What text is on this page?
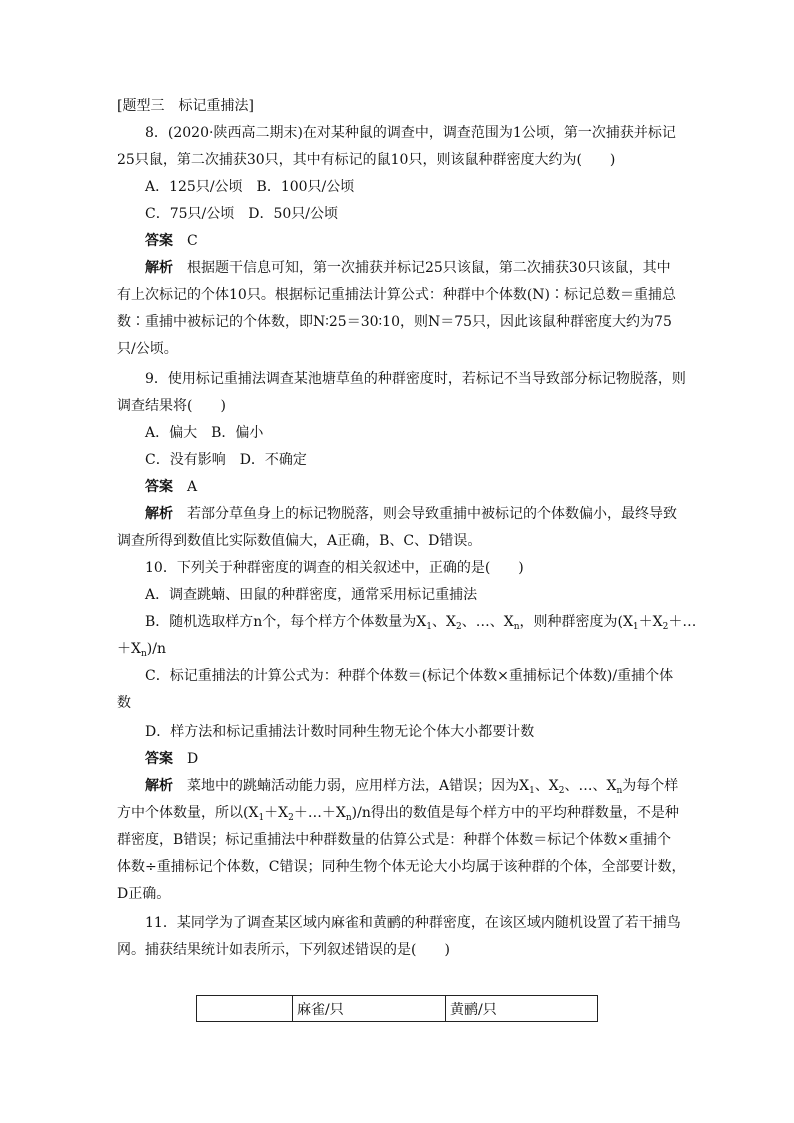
[题型三　标记重捕法]
8．(2020·陕西高二期末)在对某种鼠的调查中，调查范围为1公顷，第一次捕获并标记
25只鼠，第二次捕获30只，其中有标记的鼠10只，则该鼠种群密度大约为(　　)
A．125只/公顷　B．100只/公顷
C．75只/公顷　D．50只/公顷
答案　 C
解析　 根据题干信息可知，第一次捕获并标记25只该鼠，第二次捕获30只该鼠，其中
有上次标记的个体10只。根据标记重捕法计算公式：种群中个体数(N)∶标记总数＝重捕总
数∶重捕中被标记的个体数，即N∶25＝30∶10，则N＝75只，因此该鼠种群密度大约为75
只/公顷。
9．使用标记重捕法调查某池塘草鱼的种群密度时，若标记不当导致部分标记物脱落，则
调查结果将(　　)
A．偏大　B．偏小
C．没有影响　D．不确定
答案　 A
解析　 若部分草鱼身上的标记物脱落，则会导致重捕中被标记的个体数偏小，最终导致
调查所得到数值比实际数值偏大，A正确，B、C、D错误。
10．下列关于种群密度的调查的相关叙述中，正确的是(　　)
A．调查跳蝻、田鼠的种群密度，通常采用标记重捕法
B．随机选取样方n个，每个样方个体数量为$X_1$、$X_2$、…、$X_n$，则种群密度为($X_1+X_2+\dots$
$+X_n)/n$
C．标记重捕法的计算公式为：种群个体数＝(标记个体数×重捕标记个体数)/重捕个体
数
D．样方法和标记重捕法计数时同种生物无论个体大小都要计数
答案　 D
解析　 菜地中的跳蝻活动能力弱，应用样方法，A错误；因为$X_1$、$X_2$、…、$X_n$为每个样
方中个体数量，所以$(X_1+X_2+\dots+X_n)/n$得出的数值是每个样方中的平均种群数量，不是种
群密度，B错误；标记重捕法中种群数量的估算公式是：种群个体数＝标记个体数×重捕个
体数÷重捕标记个体数，C错误；同种生物个体无论大小均属于该种群的个体，全部要计数，
D正确。
11．某同学为了调查某区域内麻雀和黄鹂的种群密度，在该区域内随机设置了若干捕鸟
网。捕获结果统计如表所示，下列叙述错误的是(　　)
麻雀/只	黄鹂/只
